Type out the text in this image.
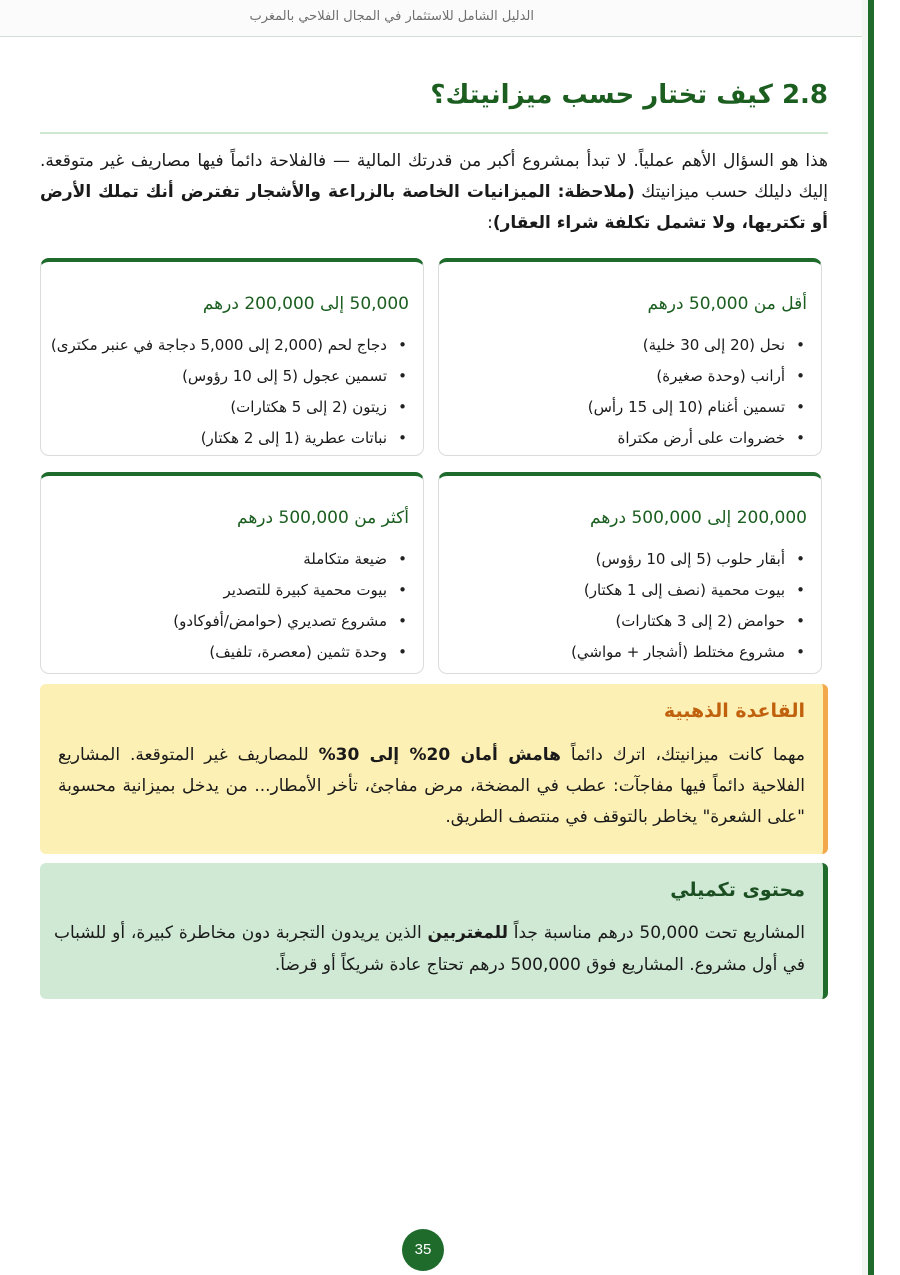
الدليل الشامل للاستثمار في المجال الفلاحي بالمغرب
2.8 كيف تختار حسب ميزانيتك؟

هذا هو السؤال الأهم عملياً. لا تبدأ بمشروع أكبر من قدرتك المالية — فالفلاحة دائماً فيها مصاريف غير متوقعة. إليك دليلك حسب ميزانيتك (ملاحظة: الميزانيات الخاصة بالزراعة والأشجار تفترض أنك تملك الأرض أو تكتريها، ولا تشمل تكلفة شراء العقار):

أقل من 50,000 درهم
• نحل (20 إلى 30 خلية)
• أرانب (وحدة صغيرة)
• تسمين أغنام (10 إلى 15 رأس)
• خضروات على أرض مكتراة
50,000 إلى 200,000 درهم
• دجاج لحم (2,000 إلى 5,000 دجاجة في عنبر مكترى)
• تسمين عجول (5 إلى 10 رؤوس)
• زيتون (2 إلى 5 هكتارات)
• نباتات عطرية (1 إلى 2 هكتار)
200,000 إلى 500,000 درهم
• أبقار حلوب (5 إلى 10 رؤوس)
• بيوت محمية (نصف إلى 1 هكتار)
• حوامض (2 إلى 3 هكتارات)
• مشروع مختلط (أشجار + مواشي)
أكثر من 500,000 درهم
• ضيعة متكاملة
• بيوت محمية كبيرة للتصدير
• مشروع تصديري (حوامض/أفوكادو)
• وحدة تثمين (معصرة، تلفيف)
القاعدة الذهبية

مهما كانت ميزانيتك، اترك دائماً هامش أمان 20% إلى 30% للمصاريف غير المتوقعة. المشاريع الفلاحية دائماً فيها مفاجآت: عطب في المضخة، مرض مفاجئ، تأخر الأمطار... من يدخل بميزانية محسوبة "على الشعرة" يخاطر بالتوقف في منتصف الطريق.

محتوى تكميلي

المشاريع تحت 50,000 درهم مناسبة جداً للمغتربين الذين يريدون التجربة دون مخاطرة كبيرة، أو للشباب في أول مشروع. المشاريع فوق 500,000 درهم تحتاج عادة شريكاً أو قرضاً.

35
